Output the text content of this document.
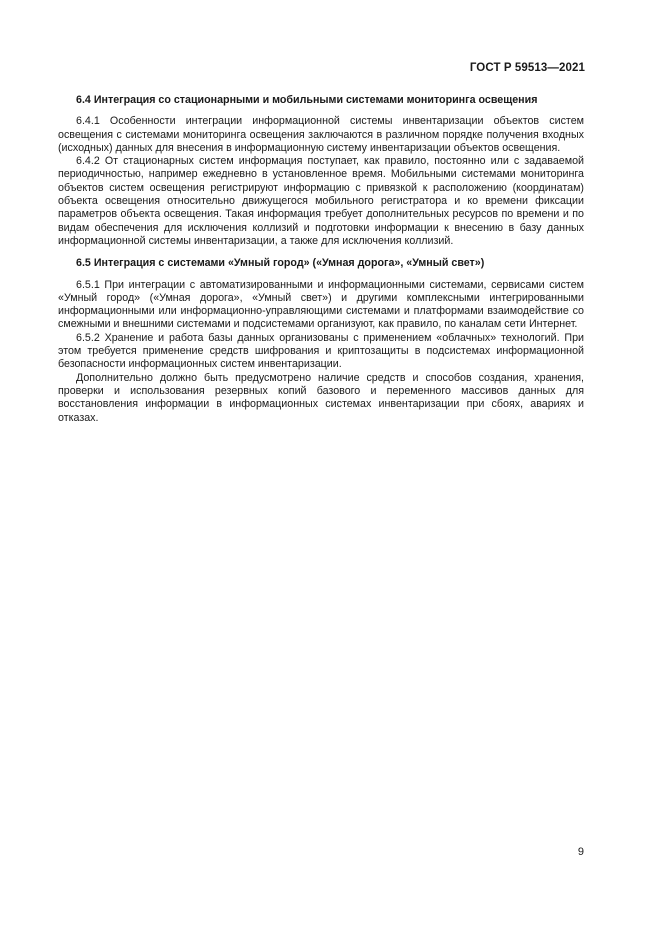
ГОСТ Р 59513—2021

6.4 Интеграция со стационарными и мобильными системами мониторинга освещения

6.4.1 Особенности интеграции информационной системы инвентаризации объектов систем освещения с системами мониторинга освещения заключаются в различном порядке получения входных (исходных) данных для внесения в информационную систему инвентаризации объектов освещения.

6.4.2 От стационарных систем информация поступает, как правило, постоянно или с задаваемой периодичностью, например ежедневно в установленное время. Мобильными системами мониторинга объектов систем освещения регистрируют информацию с привязкой к расположению (координатам) объекта освещения относительно движущегося мобильного регистратора и ко времени фиксации параметров объекта освещения. Такая информация требует дополнительных ресурсов по времени и по видам обеспечения для исключения коллизий и подготовки информации к внесению в базу данных информационной системы инвентаризации, а также для исключения коллизий.

6.5 Интеграция с системами «Умный город» («Умная дорога», «Умный свет»)

6.5.1 При интеграции с автоматизированными и информационными системами, сервисами систем «Умный город» («Умная дорога», «Умный свет») и другими комплексными интегрированными информационными или информационно-управляющими системами и платформами взаимодействие со смежными и внешними системами и подсистемами организуют, как правило, по каналам сети Интернет.

6.5.2 Хранение и работа базы данных организованы с применением «облачных» технологий. При этом требуется применение средств шифрования и криптозащиты в подсистемах информационной безопасности информационных систем инвентаризации.

Дополнительно должно быть предусмотрено наличие средств и способов создания, хранения, проверки и использования резервных копий базового и переменного массивов данных для восстановления информации в информационных системах инвентаризации при сбоях, авариях и отказах.

9
